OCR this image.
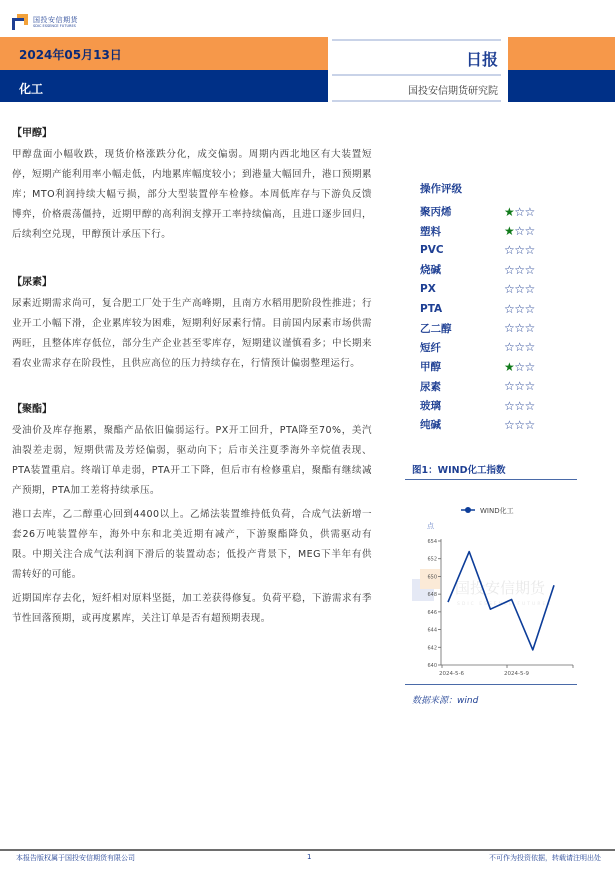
国投安信期货
SDIC ESSENCE FUTURES
2024年05月13日
化工
日报
国投安信期货研究院
【甲醇】

甲醇盘面小幅收跌，现货价格涨跌分化，成交偏弱。周期内西北地区有大装置短停，短期产能利用率小幅走低，内地累库幅度较小；到港量大幅回升，港口预期累库；MTO利润持续大幅亏损，部分大型装置停车检修。本周低库存与下游负反馈博弈，价格震荡僵持，近期甲醇的高利润支撑开工率持续偏高，且进口逐步回归，后续利空兑现，甲醇预计承压下行。

【尿素】

尿素近期需求尚可，复合肥工厂处于生产高峰期，且南方水稻用肥阶段性推进；行业开工小幅下滑，企业累库较为困难，短期利好尿素行情。目前国内尿素市场供需两旺，且整体库存低位，部分生产企业甚至零库存，短期建议谨慎看多；中长期来看农业需求存在阶段性，且供应高位的压力持续存在，行情预计偏弱整理运行。

【聚酯】

受油价及库存拖累，聚酯产品依旧偏弱运行。PX开工回升，PTA降至70%，美汽油裂差走弱，短期供需及芳烃偏弱，驱动向下；后市关注夏季海外辛烷值表现、PTA装置重启。终端订单走弱，PTA开工下降，但后市有检修重启，聚酯有继续减产预期，PTA加工差将持续承压。

港口去库，乙二醇重心回到4400以上。乙烯法装置维持低负荷，合成气法新增一套26万吨装置停车，海外中东和北美近期有减产，下游聚酯降负，供需驱动有限。中期关注合成气法利润下滑后的装置动态；低投产背景下，MEG下半年有供需转好的可能。

近期国库存去化，短纤相对原料坚挺，加工差获得修复。负荷平稳，下游需求有季节性回落预期，或再度累库，关注订单是否有超预期表现。

操作评级
聚丙烯	★☆☆
塑料	★☆☆
PVC	☆☆☆
烧碱	☆☆☆
PX	☆☆☆
PTA	☆☆☆
乙二醇	☆☆☆
短纤	☆☆☆
甲醇	★☆☆
尿素	☆☆☆
玻璃	☆☆☆
纯碱	☆☆☆
图1：WIND化工指数
国投安信期货
SDIC ESSENCE FUTURES
WIND化工
点
640
642
644
646
648
650
652
654
2024-5-6	2024-5-9
数据来源：wind
本报告版权属于国投安信期货有限公司	1	不可作为投资依据，转载请注明出处
